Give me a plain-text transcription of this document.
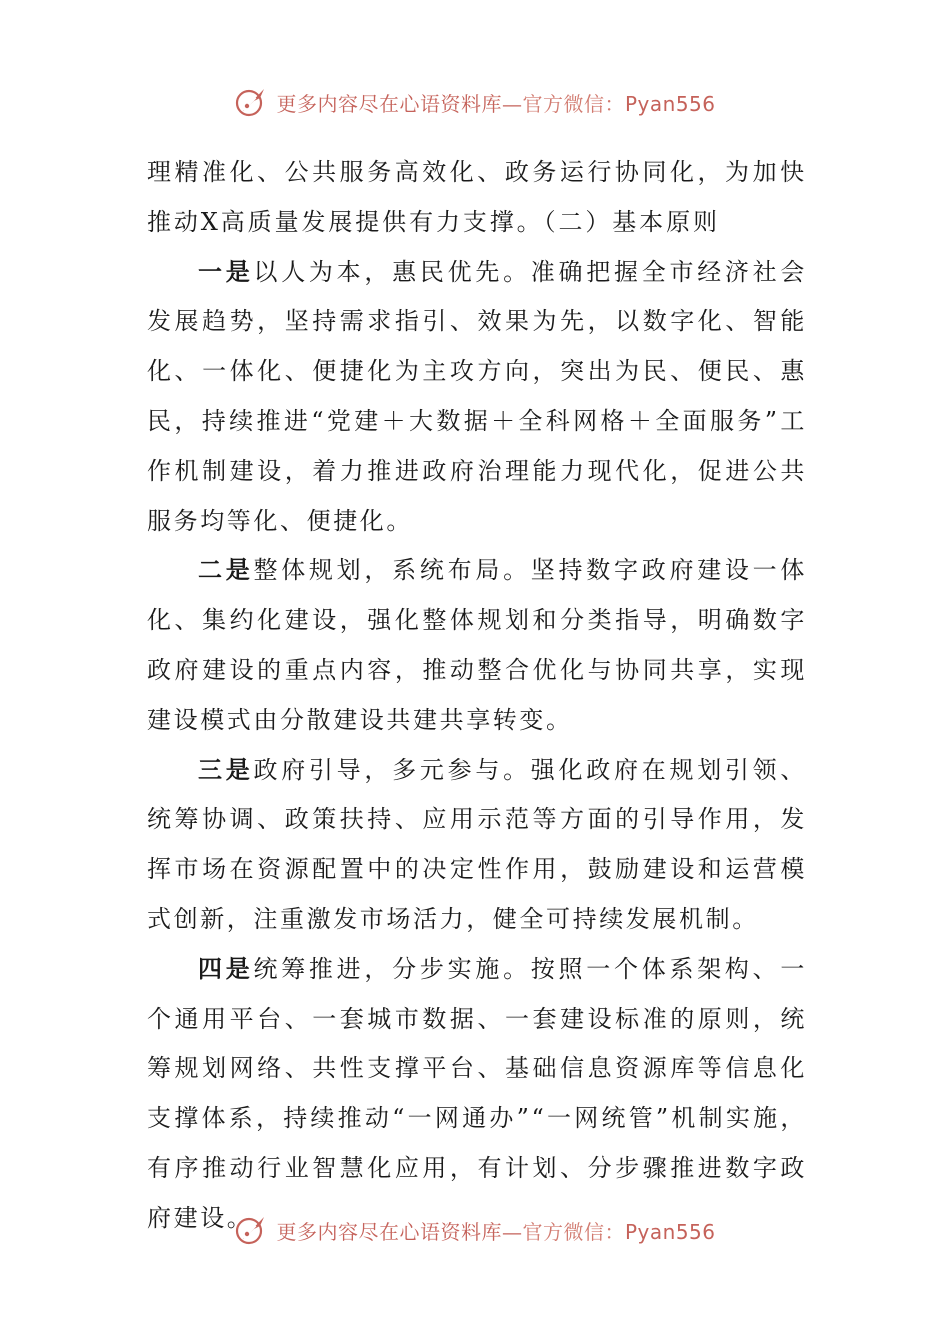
更多内容尽在心语资料库—官方微信：Pyan556

理精准化、公共服务高效化、政务运行协同化，为加快推动X高质量发展提供有力支撑。（二）基本原则

一是以人为本，惠民优先。准确把握全市经济社会发展趋势，坚持需求指引、效果为先，以数字化、智能化、一体化、便捷化为主攻方向，突出为民、便民、惠民，持续推进“党建＋大数据＋全科网格＋全面服务”工作机制建设，着力推进政府治理能力现代化，促进公共服务均等化、便捷化。

二是整体规划，系统布局。坚持数字政府建设一体化、集约化建设，强化整体规划和分类指导，明确数字政府建设的重点内容，推动整合优化与协同共享，实现建设模式由分散建设共建共享转变。

三是政府引导，多元参与。强化政府在规划引领、统筹协调、政策扶持、应用示范等方面的引导作用，发挥市场在资源配置中的决定性作用，鼓励建设和运营模式创新，注重激发市场活力，健全可持续发展机制。

四是统筹推进，分步实施。按照一个体系架构、一个通用平台、一套城市数据、一套建设标准的原则，统筹规划网络、共性支撑平台、基础信息资源库等信息化支撑体系，持续推动“一网通办”“一网统管”机制实施，有序推动行业智慧化应用，有计划、分步骤推进数字政府建设。	更多内容尽在心语资料库—官方微信：Pyan556
